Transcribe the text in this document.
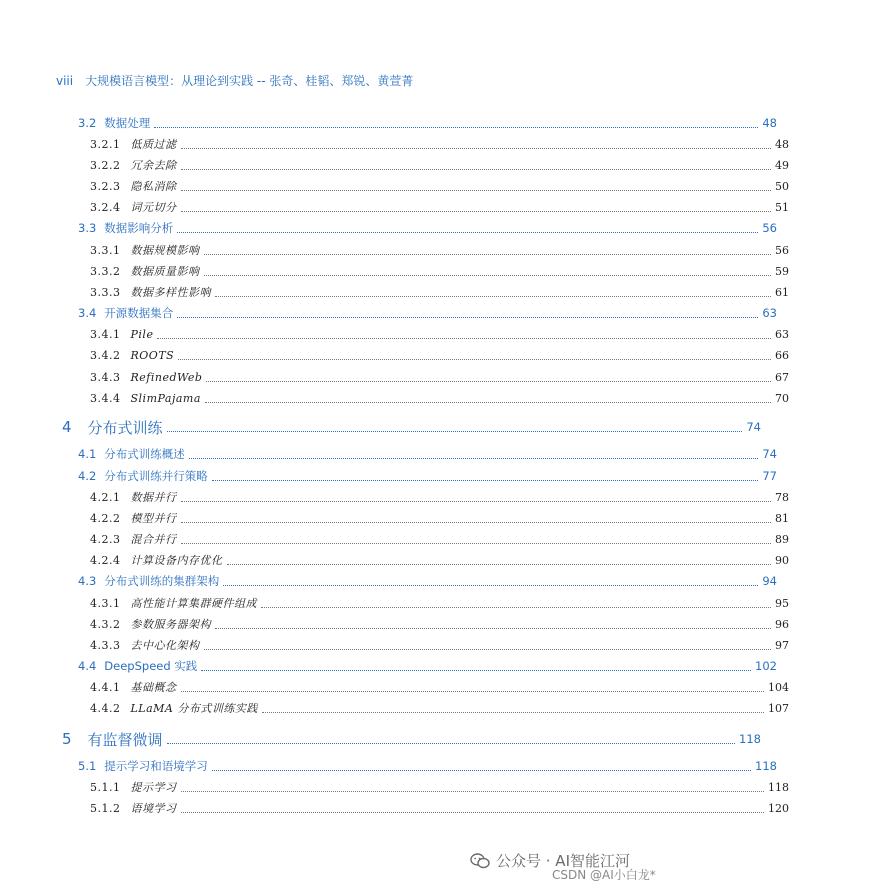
viii 大规模语言模型：从理论到实践 -- 张奇、桂韬、郑锐、黄萱菁
3.2 数据处理	48
3.2.1 低质过滤	48
3.2.2 冗余去除	49
3.2.3 隐私消除	50
3.2.4 词元切分	51
3.3 数据影响分析	56
3.3.1 数据规模影响	56
3.3.2 数据质量影响	59
3.3.3 数据多样性影响	61
3.4 开源数据集合	63
3.4.1 Pile	63
3.4.2 ROOTS	66
3.4.3 RefinedWeb	67
3.4.4 SlimPajama	70
4 分布式训练	74
4.1 分布式训练概述	74
4.2 分布式训练并行策略	77
4.2.1 数据并行	78
4.2.2 模型并行	81
4.2.3 混合并行	89
4.2.4 计算设备内存优化	90
4.3 分布式训练的集群架构	94
4.3.1 高性能计算集群硬件组成	95
4.3.2 参数服务器架构	96
4.3.3 去中心化架构	97
4.4 DeepSpeed 实践	102
4.4.1 基础概念	104
4.4.2 LLaMA 分布式训练实践	107
5 有监督微调	118
5.1 提示学习和语境学习	118
5.1.1 提示学习	118
5.1.2 语境学习	120
公众号 · AI智能江河
CSDN @AI小白龙*
